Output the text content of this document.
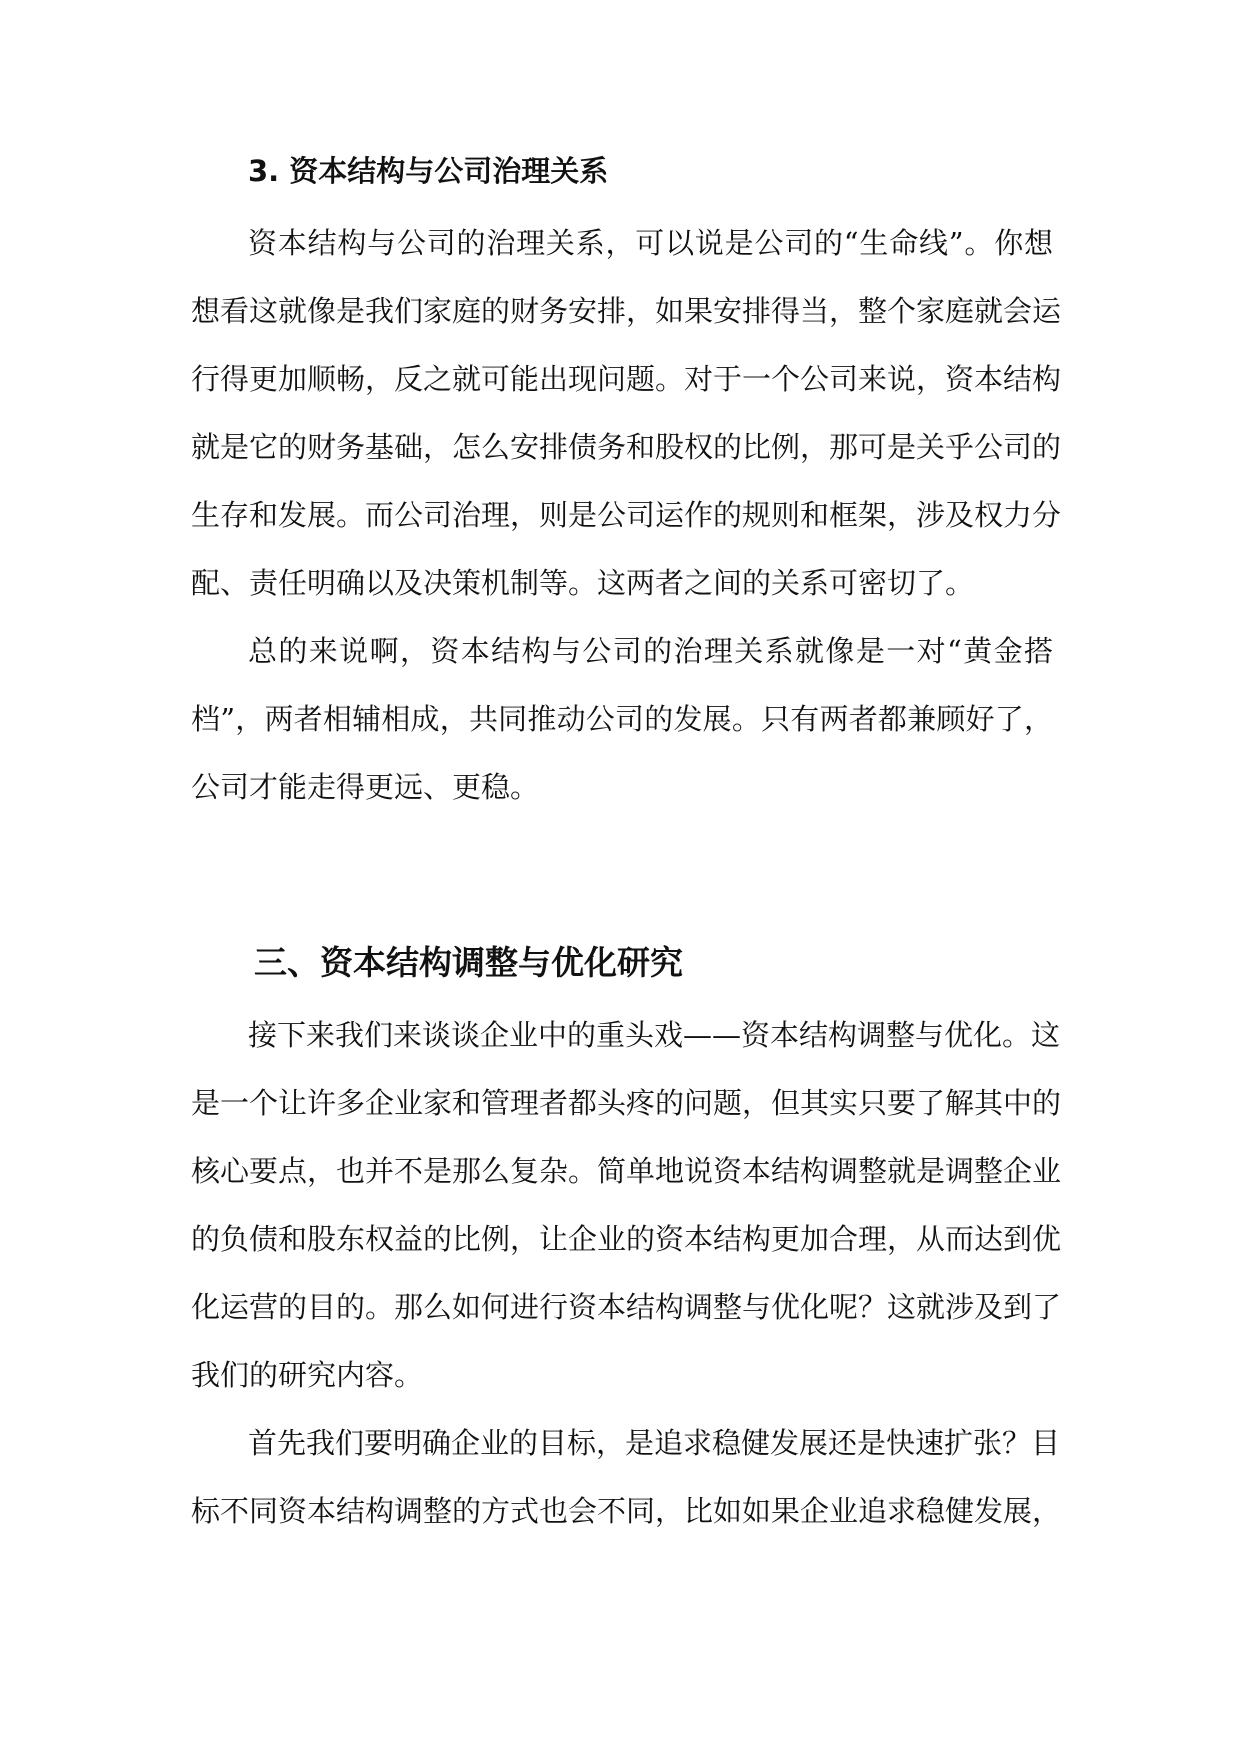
3. 资本结构与公司治理关系
资本结构与公司的治理关系，可以说是公司的“生命线”。你想
想看这就像是我们家庭的财务安排，如果安排得当，整个家庭就会运
行得更加顺畅，反之就可能出现问题。对于一个公司来说，资本结构
就是它的财务基础，怎么安排债务和股权的比例，那可是关乎公司的
生存和发展。而公司治理，则是公司运作的规则和框架，涉及权力分
配、责任明确以及决策机制等。这两者之间的关系可密切了。
总的来说啊，资本结构与公司的治理关系就像是一对“黄金搭
档”，两者相辅相成，共同推动公司的发展。只有两者都兼顾好了，
公司才能走得更远、更稳。
三、资本结构调整与优化研究
接下来我们来谈谈企业中的重头戏——资本结构调整与优化。这
是一个让许多企业家和管理者都头疼的问题，但其实只要了解其中的
核心要点，也并不是那么复杂。简单地说资本结构调整就是调整企业
的负债和股东权益的比例，让企业的资本结构更加合理，从而达到优
化运营的目的。那么如何进行资本结构调整与优化呢？这就涉及到了
我们的研究内容。
首先我们要明确企业的目标，是追求稳健发展还是快速扩张？目
标不同资本结构调整的方式也会不同，比如如果企业追求稳健发展，
